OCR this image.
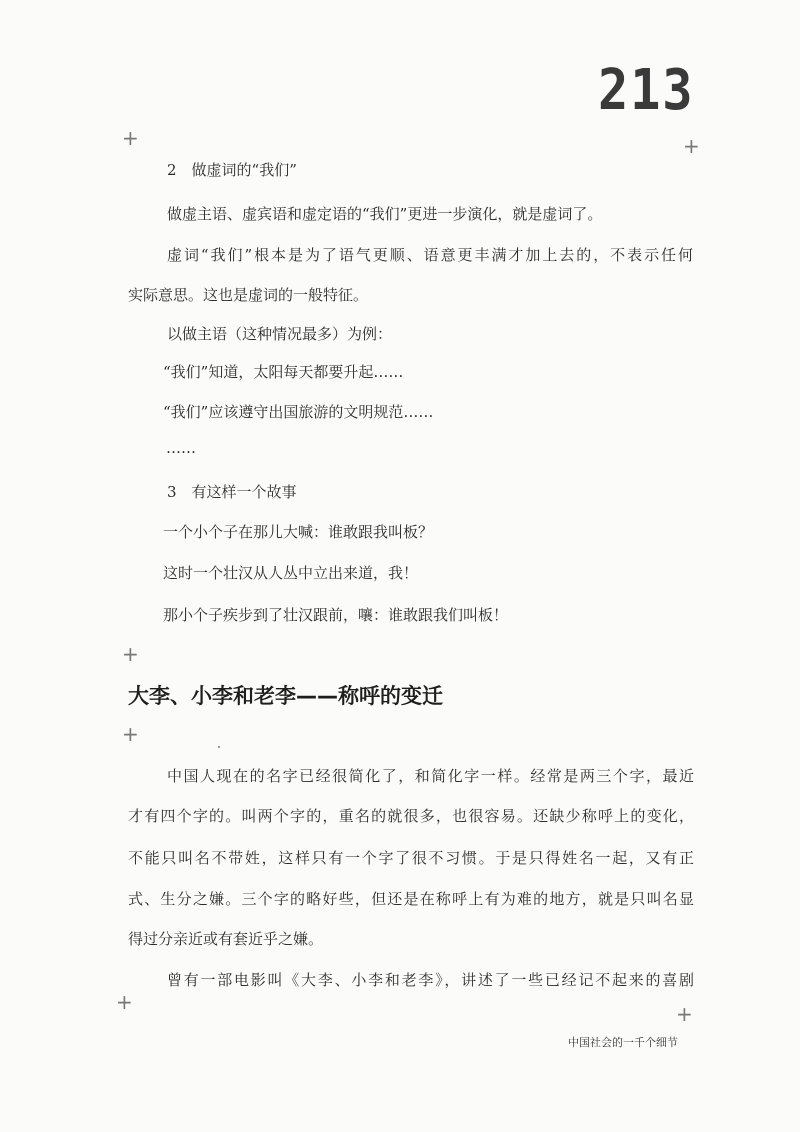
213
+	+
+
+
+	+
2　做虚词的“我们”
做虚主语、虚宾语和虚定语的“我们”更进一步演化，就是虚词了。
虚词“我们”根本是为了语气更顺、语意更丰满才加上去的，不表示任何
实际意思。这也是虚词的一般特征。
以做主语（这种情况最多）为例：
“我们”知道，太阳每天都要升起……
“我们”应该遵守出国旅游的文明规范……
……
3　有这样一个故事
一个小个子在那儿大喊：谁敢跟我叫板？
这时一个壮汉从人丛中立出来道，我！
那小个子疾步到了壮汉跟前，嚷：谁敢跟我们叫板！
大李、小李和老李——称呼的变迁
中国人现在的名字已经很简化了，和简化字一样。经常是两三个字，最近
才有四个字的。叫两个字的，重名的就很多，也很容易。还缺少称呼上的变化，
不能只叫名不带姓，这样只有一个字了很不习惯。于是只得姓名一起，又有正
式、生分之嫌。三个字的略好些，但还是在称呼上有为难的地方，就是只叫名显
得过分亲近或有套近乎之嫌。
曾有一部电影叫《大李、小李和老李》，讲述了一些已经记不起来的喜剧
中国社会的一千个细节
